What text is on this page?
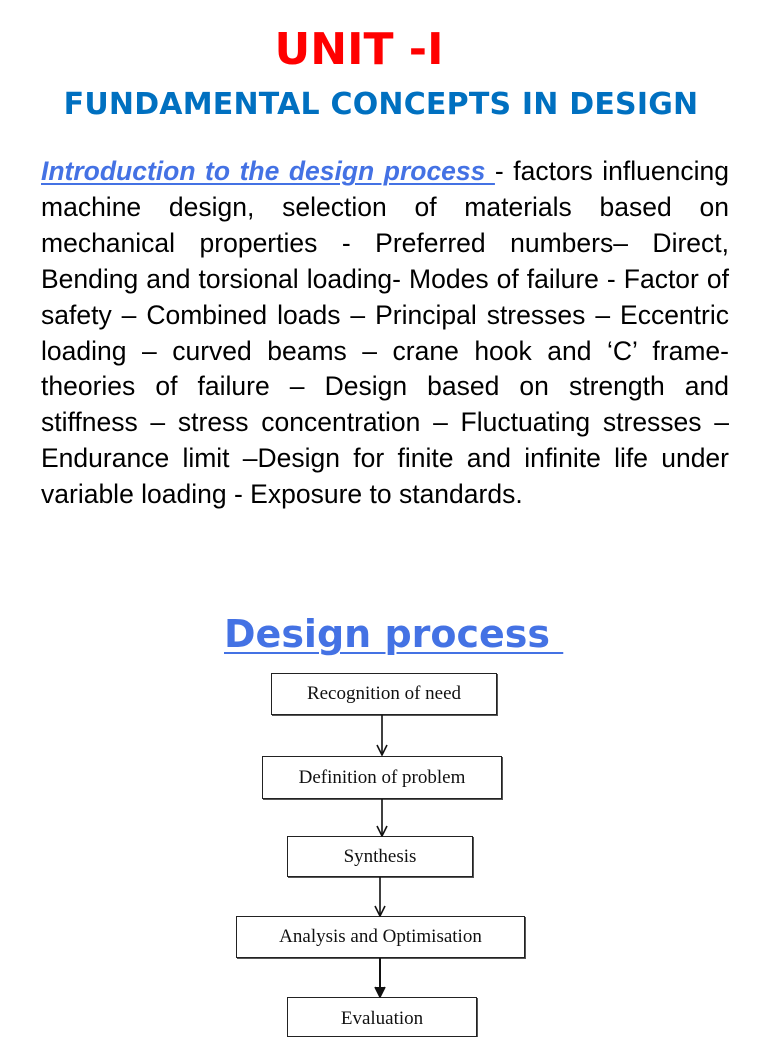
UNIT -I
FUNDAMENTAL CONCEPTS IN DESIGN
Introduction to the design process - factors influencing machine design, selection of materials based on mechanical properties - Preferred numbers– Direct, Bending and torsional loading- Modes of failure - Factor of safety – Combined loads – Principal stresses – Eccentric loading – curved beams – crane hook and ‘C’ frame- theories of failure – Design based on strength and stiffness – stress concentration – Fluctuating stresses – Endurance limit –Design for finite and infinite life under variable loading - Exposure to standards.
Design process
Recognition of need
Definition of problem
Synthesis
Analysis and Optimisation
Evaluation
